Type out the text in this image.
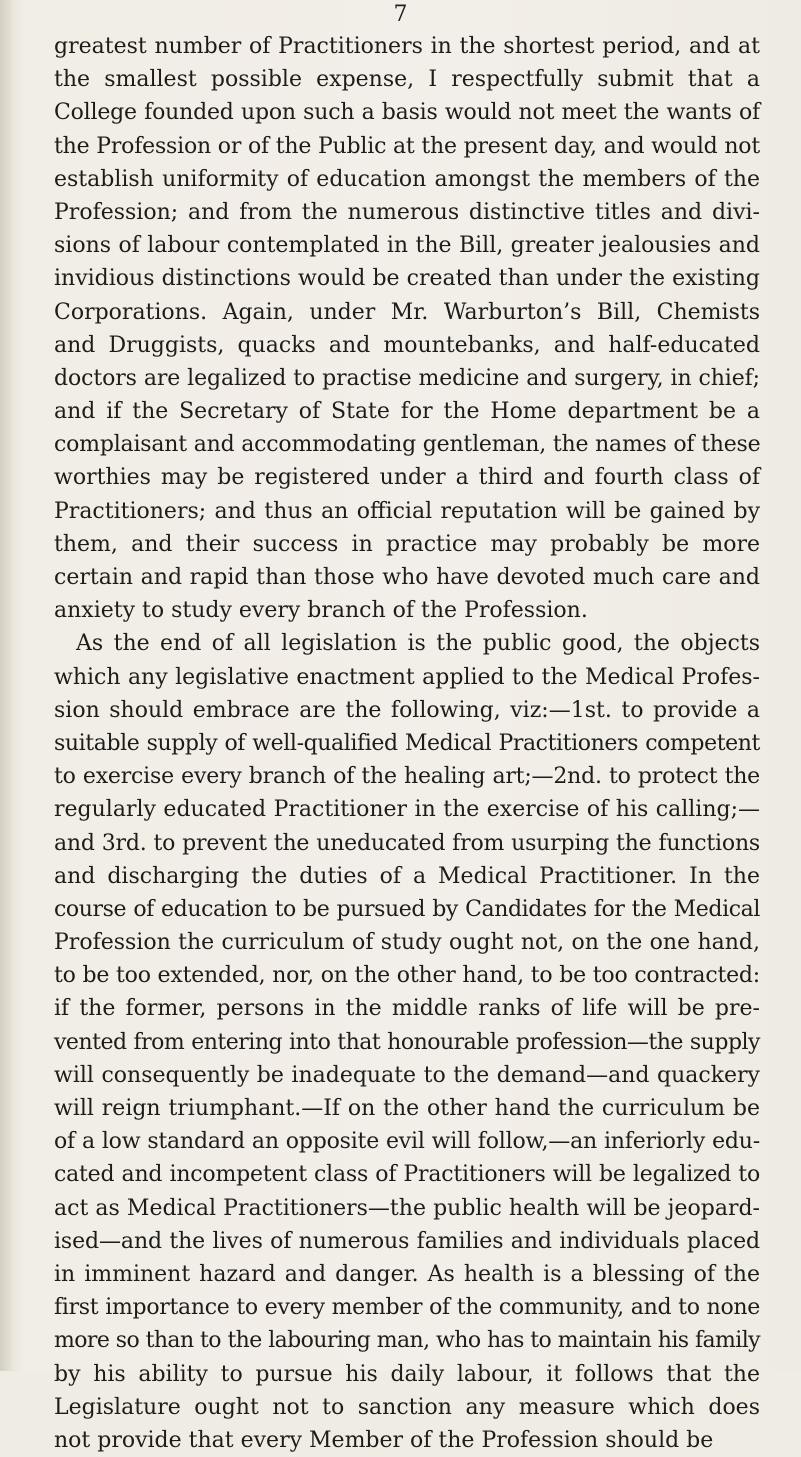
7
greatest number of Practitioners in the shortest period, and at
the smallest possible expense, I respectfully submit that a
College founded upon such a basis would not meet the wants of
the Profession or of the Public at the present day, and would not
establish uniformity of education amongst the members of the
Profession; and from the numerous distinctive titles and divi-
sions of labour contemplated in the Bill, greater jealousies and
invidious distinctions would be created than under the existing
Corporations. Again, under Mr. Warburton’s Bill, Chemists
and Druggists, quacks and mountebanks, and half-educated
doctors are legalized to practise medicine and surgery, in chief;
and if the Secretary of State for the Home department be a
complaisant and accommodating gentleman, the names of these
worthies may be registered under a third and fourth class of
Practitioners; and thus an official reputation will be gained by
them, and their success in practice may probably be more
certain and rapid than those who have devoted much care and
anxiety to study every branch of the Profession.
As the end of all legislation is the public good, the objects
which any legislative enactment applied to the Medical Profes-
sion should embrace are the following, viz:—1st. to provide a
suitable supply of well-qualified Medical Practitioners competent
to exercise every branch of the healing art;—2nd. to protect the
regularly educated Practitioner in the exercise of his calling;—
and 3rd. to prevent the uneducated from usurping the functions
and discharging the duties of a Medical Practitioner. In the
course of education to be pursued by Candidates for the Medical
Profession the curriculum of study ought not, on the one hand,
to be too extended, nor, on the other hand, to be too contracted:
if the former, persons in the middle ranks of life will be pre-
vented from entering into that honourable profession—the supply
will consequently be inadequate to the demand—and quackery
will reign triumphant.—If on the other hand the curriculum be
of a low standard an opposite evil will follow,—an inferiorly edu-
cated and incompetent class of Practitioners will be legalized to
act as Medical Practitioners—the public health will be jeopard-
ised—and the lives of numerous families and individuals placed
in imminent hazard and danger. As health is a blessing of the
first importance to every member of the community, and to none
more so than to the labouring man, who has to maintain his family
by his ability to pursue his daily labour, it follows that the
Legislature ought not to sanction any measure which does
not provide that every Member of the Profession should be
